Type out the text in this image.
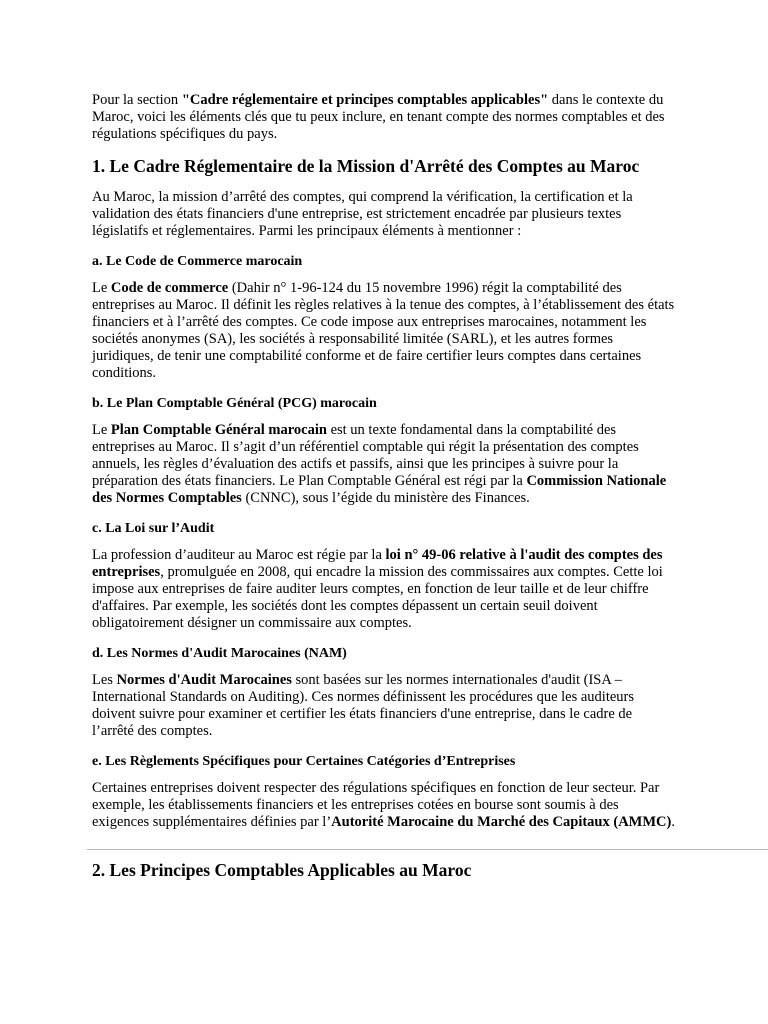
Pour la section "Cadre réglementaire et principes comptables applicables" dans le contexte du Maroc, voici les éléments clés que tu peux inclure, en tenant compte des normes comptables et des régulations spécifiques du pays.

1. Le Cadre Réglementaire de la Mission d'Arrêté des Comptes au Maroc

Au Maroc, la mission d’arrêté des comptes, qui comprend la vérification, la certification et la validation des états financiers d'une entreprise, est strictement encadrée par plusieurs textes législatifs et réglementaires. Parmi les principaux éléments à mentionner :

a. Le Code de Commerce marocain

Le Code de commerce (Dahir n° 1-96-124 du 15 novembre 1996) régit la comptabilité des entreprises au Maroc. Il définit les règles relatives à la tenue des comptes, à l’établissement des états financiers et à l’arrêté des comptes. Ce code impose aux entreprises marocaines, notamment les sociétés anonymes (SA), les sociétés à responsabilité limitée (SARL), et les autres formes juridiques, de tenir une comptabilité conforme et de faire certifier leurs comptes dans certaines conditions.

b. Le Plan Comptable Général (PCG) marocain

Le Plan Comptable Général marocain est un texte fondamental dans la comptabilité des entreprises au Maroc. Il s’agit d’un référentiel comptable qui régit la présentation des comptes annuels, les règles d’évaluation des actifs et passifs, ainsi que les principes à suivre pour la préparation des états financiers. Le Plan Comptable Général est régi par la Commission Nationale des Normes Comptables (CNNC), sous l’égide du ministère des Finances.

c. La Loi sur l’Audit

La profession d’auditeur au Maroc est régie par la loi n° 49-06 relative à l'audit des comptes des entreprises, promulguée en 2008, qui encadre la mission des commissaires aux comptes. Cette loi impose aux entreprises de faire auditer leurs comptes, en fonction de leur taille et de leur chiffre d'affaires. Par exemple, les sociétés dont les comptes dépassent un certain seuil doivent obligatoirement désigner un commissaire aux comptes.

d. Les Normes d'Audit Marocaines (NAM)

Les Normes d'Audit Marocaines sont basées sur les normes internationales d'audit (ISA – International Standards on Auditing). Ces normes définissent les procédures que les auditeurs doivent suivre pour examiner et certifier les états financiers d'une entreprise, dans le cadre de l’arrêté des comptes.

e. Les Règlements Spécifiques pour Certaines Catégories d’Entreprises

Certaines entreprises doivent respecter des régulations spécifiques en fonction de leur secteur. Par exemple, les établissements financiers et les entreprises cotées en bourse sont soumis à des exigences supplémentaires définies par l’Autorité Marocaine du Marché des Capitaux (AMMC).

2. Les Principes Comptables Applicables au Maroc
